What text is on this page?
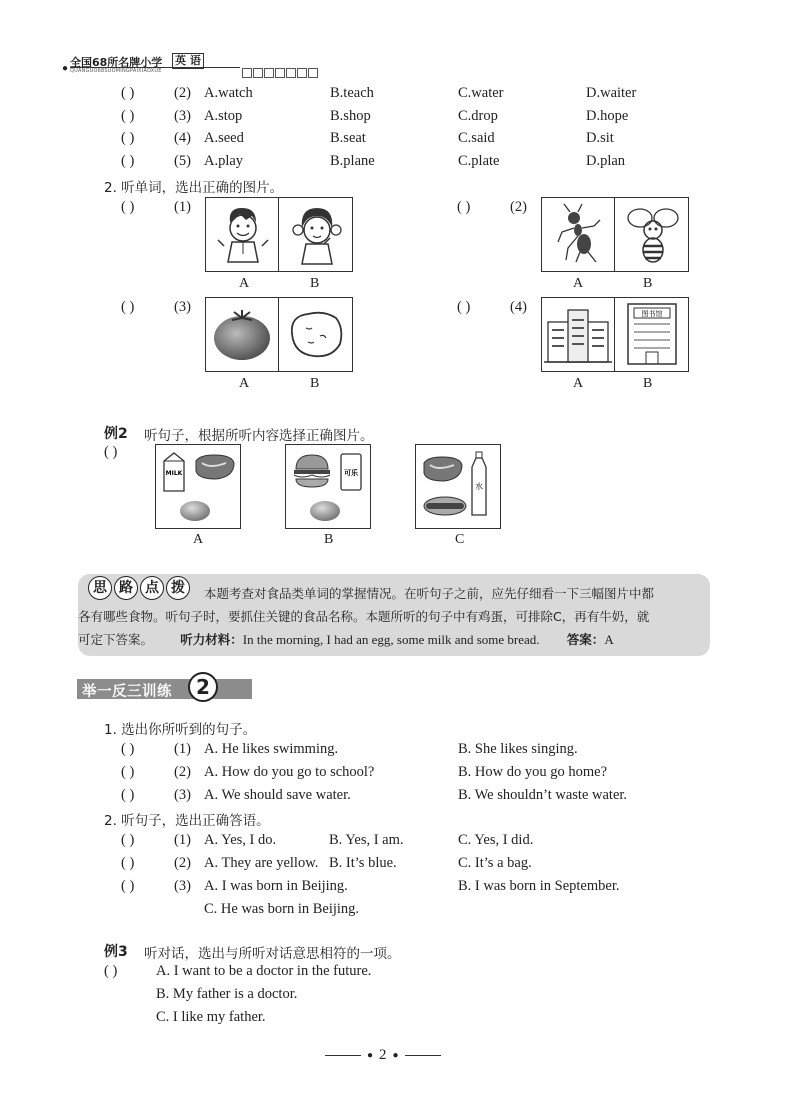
● 全国68所名牌小学 英 语
QUANGUO68SUOMINGPAIXIAOXUE
( )	(2) A.watch	B.teach	C.water	D.waiter
( )	(3) A.stop	B.shop	C.drop	D.hope
( )	(4) A.seed	B.seat	C.said	D.sit
( )	(5) A.play	B.plane	C.plate	D.plan
2. 听单词，选出正确的图片。
( )	(1)
A	B
( )	(2)
A	B
( )	(3)
A	B
( )	(4)	图书馆
A	B
例2 听句子，根据所听内容选择正确图片。
( )
MILK
A
可乐
B
水
C
思 路 点 拨	本题考查对食品类单词的掌握情况。在听句子之前，应先仔细看一下三幅图片中都
各有哪些食物。听句子时，要抓住关键的食品名称。本题所听的句子中有鸡蛋，可排除C，再有牛奶，就
可定下答案。 听力材料：In the morning, I had an egg, some milk and some bread. 答案：A
举一反三训练	2
1. 选出你所听到的句子。
( )	(1) A. He likes swimming.	B. She likes singing.
( )	(2) A. How do you go to school?	B. How do you go home?
( )	(3) A. We should save water.	B. We shouldn’t waste water.
2. 听句子，选出正确答语。
( )	(1) A. Yes, I do.	B. Yes, I am.	C. Yes, I did.
( )	(2) A. They are yellow. B. It’s blue.	C. It’s a bag.
( )	(3) A. I was born in Beijing.	B. I was born in September.
C. He was born in Beijing.
例3 听对话，选出与所听对话意思相符的一项。
( )	A. I want to be a doctor in the future.
B. My father is a doctor.
C. I like my father.
● 2 ●
